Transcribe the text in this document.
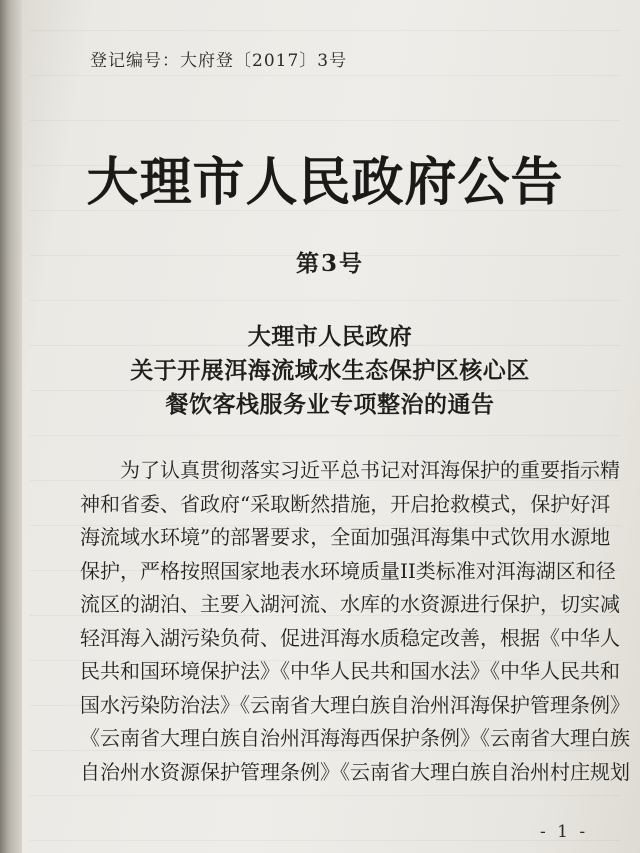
登记编号：大府登〔2017〕3号
大理市人民政府公告
第3号
大理市人民政府
关于开展洱海流域水生态保护区核心区
餐饮客栈服务业专项整治的通告
　　为了认真贯彻落实习近平总书记对洱海保护的重要指示精
神和省委、省政府“采取断然措施，开启抢救模式，保护好洱
海流域水环境”的部署要求，全面加强洱海集中式饮用水源地
保护，严格按照国家地表水环境质量II类标准对洱海湖区和径
流区的湖泊、主要入湖河流、水库的水资源进行保护，切实减
轻洱海入湖污染负荷、促进洱海水质稳定改善，根据《中华人
民共和国环境保护法》《中华人民共和国水法》《中华人民共和
国水污染防治法》《云南省大理白族自治州洱海保护管理条例》
《云南省大理白族自治州洱海海西保护条例》《云南省大理白族
自治州水资源保护管理条例》《云南省大理白族自治州村庄规划
- 1 -
